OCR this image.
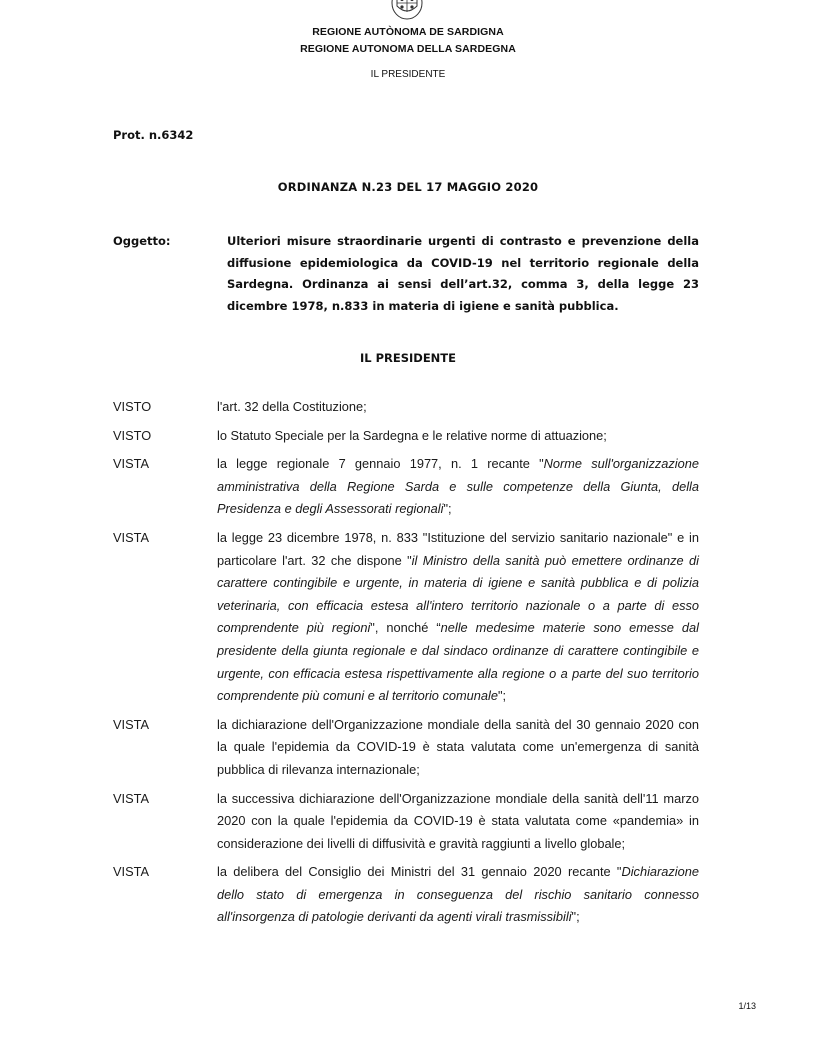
REGIONE AUTÒNOMA DE SARDIGNA
REGIONE AUTONOMA DELLA SARDEGNA
IL PRESIDENTE
Prot. n.6342
ORDINANZA N.23 DEL 17 MAGGIO 2020
Oggetto:	Ulteriori misure straordinarie urgenti di contrasto e prevenzione della diffusione epidemiologica da COVID-19 nel territorio regionale della Sardegna. Ordinanza ai sensi dell’art.32, comma 3, della legge 23 dicembre 1978, n.833 in materia di igiene e sanità pubblica.
IL PRESIDENTE
VISTO	l'art. 32 della Costituzione;
VISTO	lo Statuto Speciale per la Sardegna e le relative norme di attuazione;
VISTA	la legge regionale 7 gennaio 1977, n. 1 recante "Norme sull'organizzazione amministrativa della Regione Sarda e sulle competenze della Giunta, della Presidenza e degli Assessorati regionali";
VISTA	la legge 23 dicembre 1978, n. 833 "Istituzione del servizio sanitario nazionale" e in particolare l'art. 32 che dispone "il Ministro della sanità può emettere ordinanze di carattere contingibile e urgente, in materia di igiene e sanità pubblica e di polizia veterinaria, con efficacia estesa all'intero territorio nazionale o a parte di esso comprendente più regioni", nonché “nelle medesime materie sono emesse dal presidente della giunta regionale e dal sindaco ordinanze di carattere contingibile e urgente, con efficacia estesa rispettivamente alla regione o a parte del suo territorio comprendente più comuni e al territorio comunale";
VISTA	la dichiarazione dell'Organizzazione mondiale della sanità del 30 gennaio 2020 con la quale l'epidemia da COVID-19 è stata valutata come un'emergenza di sanità pubblica di rilevanza internazionale;
VISTA	la successiva dichiarazione dell'Organizzazione mondiale della sanità dell'11 marzo 2020 con la quale l'epidemia da COVID-19 è stata valutata come «pandemia» in considerazione dei livelli di diffusività e gravità raggiunti a livello globale;
VISTA	la delibera del Consiglio dei Ministri del 31 gennaio 2020 recante "Dichiarazione dello stato di emergenza in conseguenza del rischio sanitario connesso all'insorgenza di patologie derivanti da agenti virali trasmissibili";
1/13
